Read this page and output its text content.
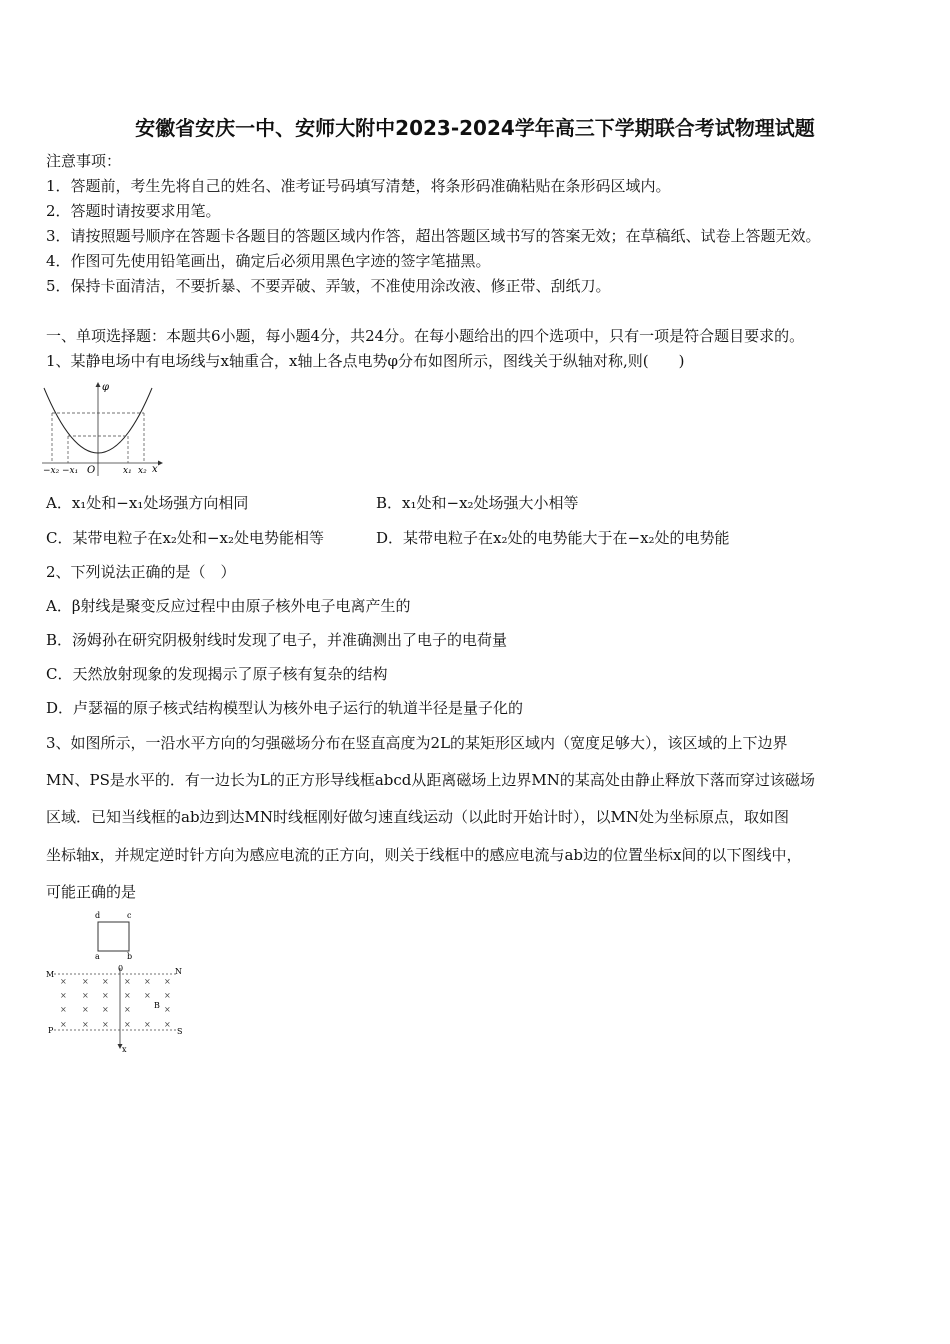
安徽省安庆一中、安师大附中2023-2024学年高三下学期联合考试物理试题
注意事项：
1．答题前，考生先将自己的姓名、准考证号码填写清楚，将条形码准确粘贴在条形码区域内。
2．答题时请按要求用笔。
3．请按照题号顺序在答题卡各题目的答题区域内作答，超出答题区域书写的答案无效；在草稿纸、试卷上答题无效。
4．作图可先使用铅笔画出，确定后必须用黑色字迹的签字笔描黑。
5．保持卡面清洁，不要折暴、不要弄破、弄皱，不准使用涂改液、修正带、刮纸刀。
一、单项选择题：本题共6小题，每小题4分，共24分。在每小题给出的四个选项中，只有一项是符合题目要求的。
1、某静电场中有电场线与x轴重合，x轴上各点电势φ分布如图所示，图线关于纵轴对称,则(　　)
φ
x
O
−x₂ −x₁	x₁ x₂
A．x₁处和−x₁处场强方向相同	B．x₁处和−x₂处场强大小相等
C．某带电粒子在x₂处和−x₂处电势能相等	D．某带电粒子在x₂处的电势能大于在−x₂处的电势能
2、下列说法正确的是（　）
A．β射线是聚变反应过程中由原子核外电子电离产生的
B．汤姆孙在研究阴极射线时发现了电子，并准确测出了电子的电荷量
C．天然放射现象的发现揭示了原子核有复杂的结构
D．卢瑟福的原子核式结构模型认为核外电子运行的轨道半径是量子化的
3、如图所示，一沿水平方向的匀强磁场分布在竖直高度为2L的某矩形区域内（宽度足够大），该区域的上下边界
MN、PS是水平的．有一边长为L的正方形导线框abcd从距离磁场上边界MN的某高处由静止释放下落而穿过该磁场
区域．已知当线框的ab边到达MN时线框刚好做匀速直线运动（以此时开始计时），以MN处为坐标原点，取如图
坐标轴x，并规定逆时针方向为感应电流的正方向，则关于线框中的感应电流与ab边的位置坐标x间的以下图线中，
可能正确的是
d	c
a	b
M	N
P	S
0
x
B
× × × × × ×
× × × × × ×
× × × ×	×
× × × × × ×
